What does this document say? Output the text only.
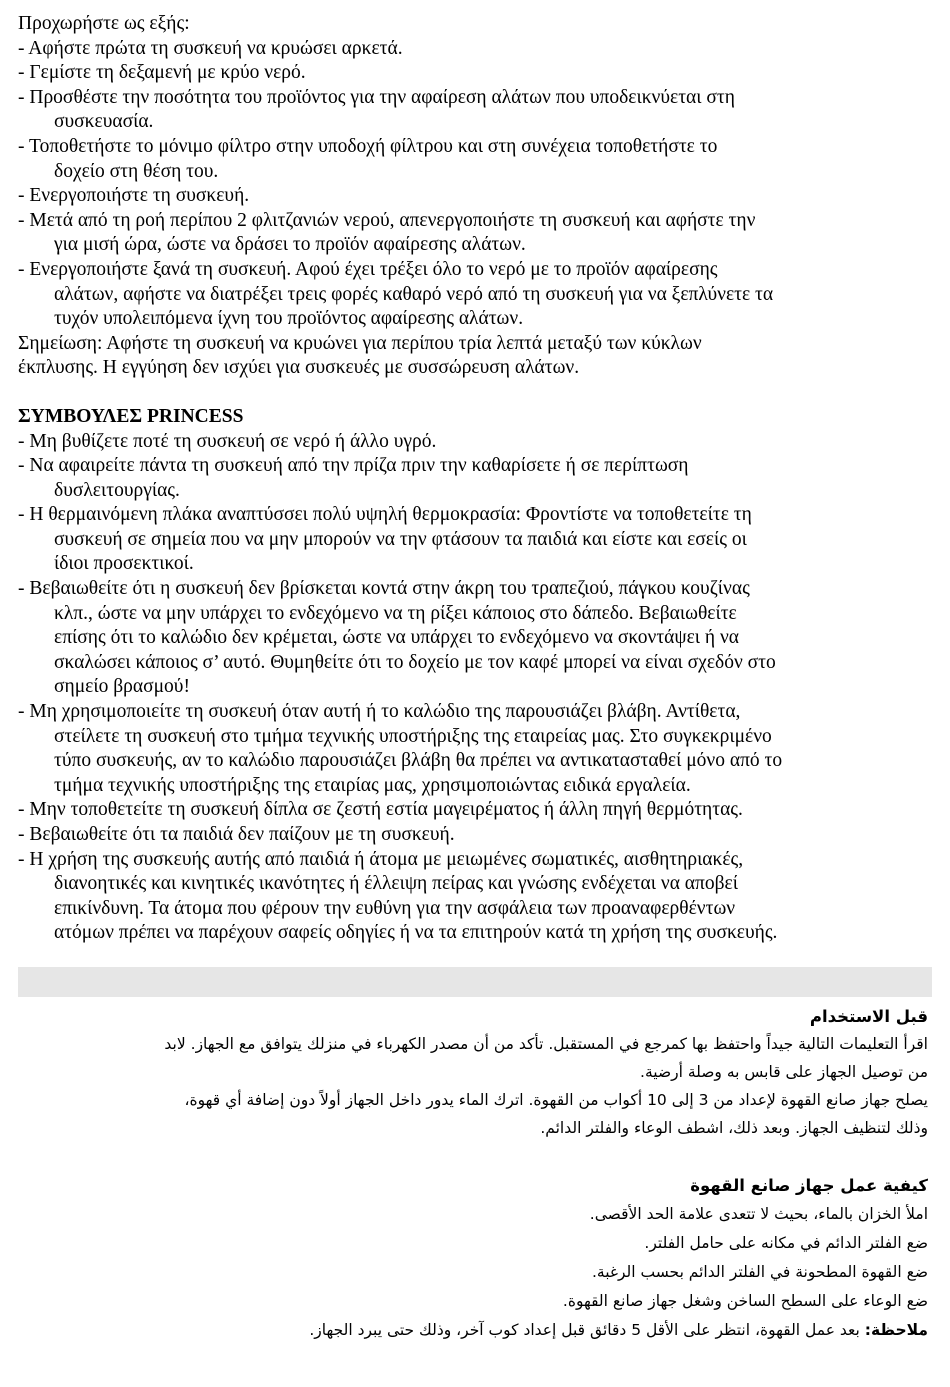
Προχωρήστε ως εξής:
- Αφήστε πρώτα τη συσκευή να κρυώσει αρκετά.
- Γεμίστε τη δεξαμενή με κρύο νερό.
- Προσθέστε την ποσότητα του προϊόντος για την αφαίρεση αλάτων που υποδεικνύεται στη
συσκευασία.
- Τοποθετήστε το μόνιμο φίλτρο στην υποδοχή φίλτρου και στη συνέχεια τοποθετήστε το
δοχείο στη θέση του.
- Ενεργοποιήστε τη συσκευή.
- Μετά από τη ροή περίπου 2 φλιτζανιών νερού, απενεργοποιήστε τη συσκευή και αφήστε την
για μισή ώρα, ώστε να δράσει το προϊόν αφαίρεσης αλάτων.
- Ενεργοποιήστε ξανά τη συσκευή. Αφού έχει τρέξει όλο το νερό με το προϊόν αφαίρεσης
αλάτων, αφήστε να διατρέξει τρεις φορές καθαρό νερό από τη συσκευή για να ξεπλύνετε τα
τυχόν υπολειπόμενα ίχνη του προϊόντος αφαίρεσης αλάτων.
Σημείωση: Αφήστε τη συσκευή να κρυώνει για περίπου τρία λεπτά μεταξύ των κύκλων
έκπλυσης. Η εγγύηση δεν ισχύει για συσκευές με συσσώρευση αλάτων.
ΣΥΜΒΟΥΛΕΣ PRINCESS
- Μη βυθίζετε ποτέ τη συσκευή σε νερό ή άλλο υγρό.
- Να αφαιρείτε πάντα τη συσκευή από την πρίζα πριν την καθαρίσετε ή σε περίπτωση
δυσλειτουργίας.
- Η θερμαινόμενη πλάκα αναπτύσσει πολύ υψηλή θερμοκρασία: Φροντίστε να τοποθετείτε τη
συσκευή σε σημεία που να μην μπορούν να την φτάσουν τα παιδιά και είστε και εσείς οι
ίδιοι προσεκτικοί.
- Βεβαιωθείτε ότι η συσκευή δεν βρίσκεται κοντά στην άκρη του τραπεζιού, πάγκου κουζίνας
κλπ., ώστε να μην υπάρχει το ενδεχόμενο να τη ρίξει κάποιος στο δάπεδο. Βεβαιωθείτε
επίσης ότι το καλώδιο δεν κρέμεται, ώστε να υπάρχει το ενδεχόμενο να σκοντάψει ή να
σκαλώσει κάποιος σ’ αυτό. Θυμηθείτε ότι το δοχείο με τον καφέ μπορεί να είναι σχεδόν στο
σημείο βρασμού!
- Μη χρησιμοποιείτε τη συσκευή όταν αυτή ή το καλώδιο της παρουσιάζει βλάβη. Αντίθετα,
στείλετε τη συσκευή στο τμήμα τεχνικής υποστήριξης της εταιρείας μας. Στο συγκεκριμένο
τύπο συσκευής, αν το καλώδιο παρουσιάζει βλάβη θα πρέπει να αντικατασταθεί μόνο από το
τμήμα τεχνικής υποστήριξης της εταιρίας μας, χρησιμοποιώντας ειδικά εργαλεία.
- Μην τοποθετείτε τη συσκευή δίπλα σε ζεστή εστία μαγειρέματος ή άλλη πηγή θερμότητας.
- Βεβαιωθείτε ότι τα παιδιά δεν παίζουν με τη συσκευή.
- Η χρήση της συσκευής αυτής από παιδιά ή άτομα με μειωμένες σωματικές, αισθητηριακές,
διανοητικές και κινητικές ικανότητες ή έλλειψη πείρας και γνώσης ενδέχεται να αποβεί
επικίνδυνη. Τα άτομα που φέρουν την ευθύνη για την ασφάλεια των προαναφερθέντων
ατόμων πρέπει να παρέχουν σαφείς οδηγίες ή να τα επιτηρούν κατά τη χρήση της συσκευής.
قبل الاستخدام
اقرأ التعليمات التالية جيداً واحتفظ بها كمرجع في المستقبل. تأكد من أن مصدر الكهرباء في منزلك يتوافق مع الجهاز. لابد
من توصيل الجهاز على قابس به وصلة أرضية.
يصلح جهاز صانع القهوة لإعداد من 3 إلى 10 أكواب من القهوة. اترك الماء يدور داخل الجهاز أولاً دون إضافة أي قهوة،
وذلك لتنظيف الجهاز. وبعد ذلك، اشطف الوعاء والفلتر الدائم.
كيفية عمل جهاز صانع القهوة
املأ الخزان بالماء، بحيث لا تتعدى علامة الحد الأقصى.
ضع الفلتر الدائم في مكانه على حامل الفلتر.
ضع القهوة المطحونة في الفلتر الدائم بحسب الرغبة.
ضع الوعاء على السطح الساخن وشغل جهاز صانع القهوة.
ملاحظة: بعد عمل القهوة، انتظر على الأقل 5 دقائق قبل إعداد كوب آخر، وذلك حتى يبرد الجهاز.
